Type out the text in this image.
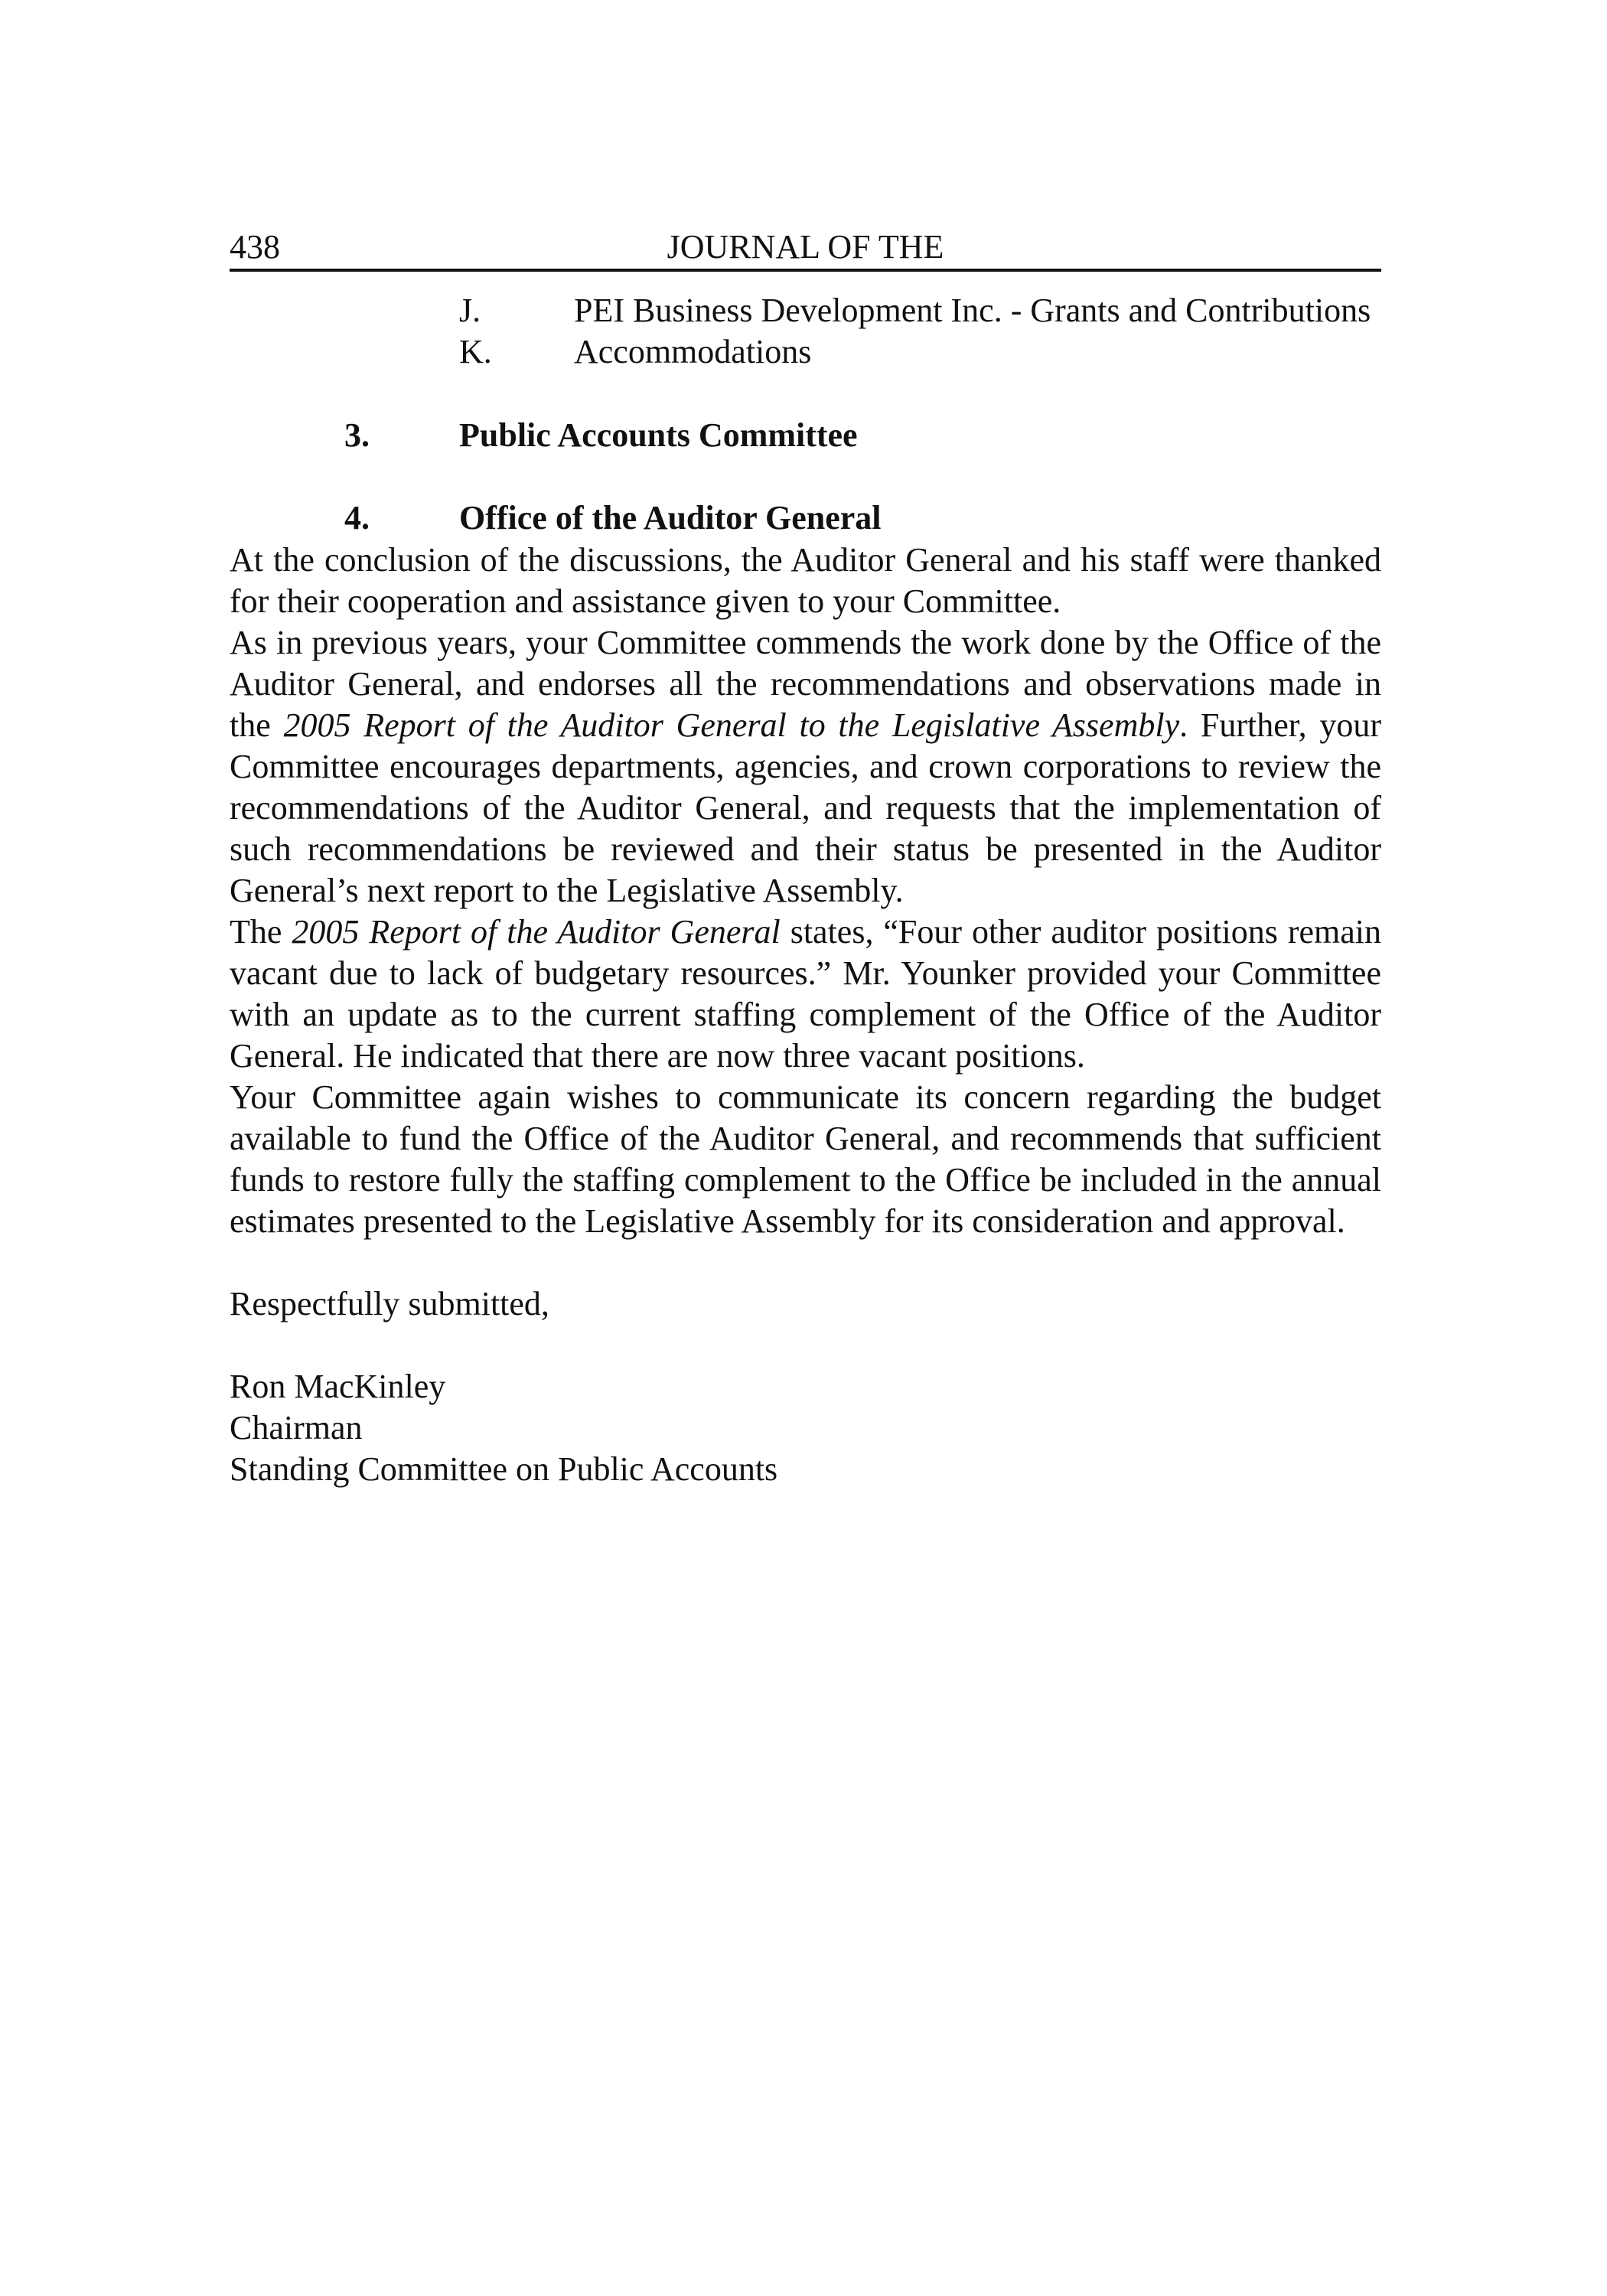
438	JOURNAL OF THE
J.	PEI Business Development Inc. - Grants and Contributions
K. Accommodations
3.	Public Accounts Committee
4.	Office of the Auditor General

At the conclusion of the discussions, the Auditor General and his staff were thanked for their cooperation and assistance given to your Committee.

As in previous years, your Committee commends the work done by the Office of the Auditor General, and endorses all the recommendations and observations made in the 2005 Report of the Auditor General to the Legislative Assembly. Further, your Committee encourages departments, agencies, and crown corporations to review the recommendations of the Auditor General, and requests that the implementation of such recommendations be reviewed and their status be presented in the Auditor General’s next report to the Legislative Assembly.

The 2005 Report of the Auditor General states, “Four other auditor positions remain vacant due to lack of budgetary resources.” Mr. Younker provided your Committee with an update as to the current staffing complement of the Office of the Auditor General. He indicated that there are now three vacant positions.

Your Committee again wishes to communicate its concern regarding the budget available to fund the Office of the Auditor General, and recommends that sufficient funds to restore fully the staffing complement to the Office be included in the annual estimates presented to the Legislative Assembly for its consideration and approval.

Respectfully submitted,
Ron MacKinley
Chairman
Standing Committee on Public Accounts
